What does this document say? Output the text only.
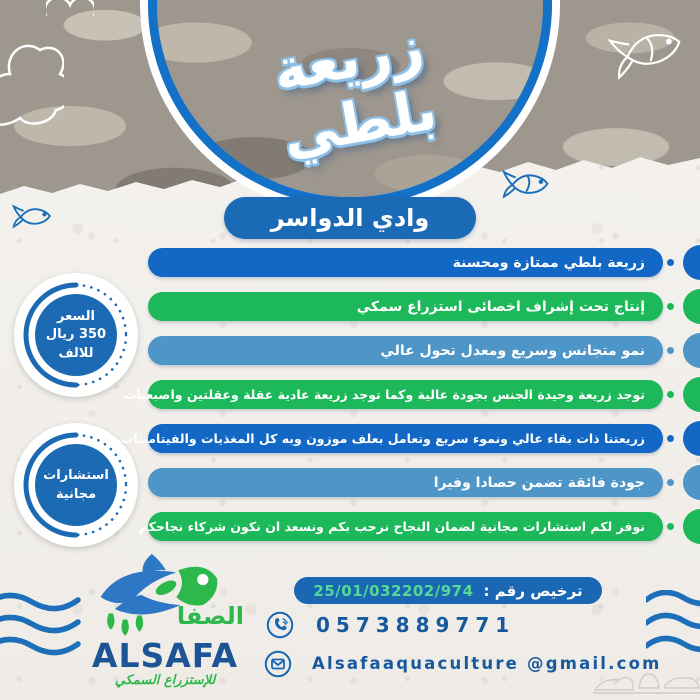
زريعة بلطي
وادي الدواسر
زريعة بلطي ممتازة ومحسنة
إنتاج تحت إشراف اخصائى استزراع سمكي
نمو متجانس وسريع ومعدل تحول عالي
توجد زريعة وحيدة الجنس بجودة عالية وكما توجد زريعة عادية عقلة وعقلتين واصبعيات
زريعتنا ذات بقاء عالي ونموء سريع وتعامل بعلف موزون وبه كل المغذيات والفيتامينات
جودة فائقة تضمن حصادا وفيرا
نوفر لكم استشارات مجانية لضمان النجاح نرحب بكم ونسعد ان نكون شركاء نجاحكم
السعر
350 ريال
للالف
استشارات
مجانية
الصفا
ALSAFA
للإستزراع السمكي
ترخيص رقم :
25/01/032202/974
0573889771
Alsafaaquaculture @gmail.com
